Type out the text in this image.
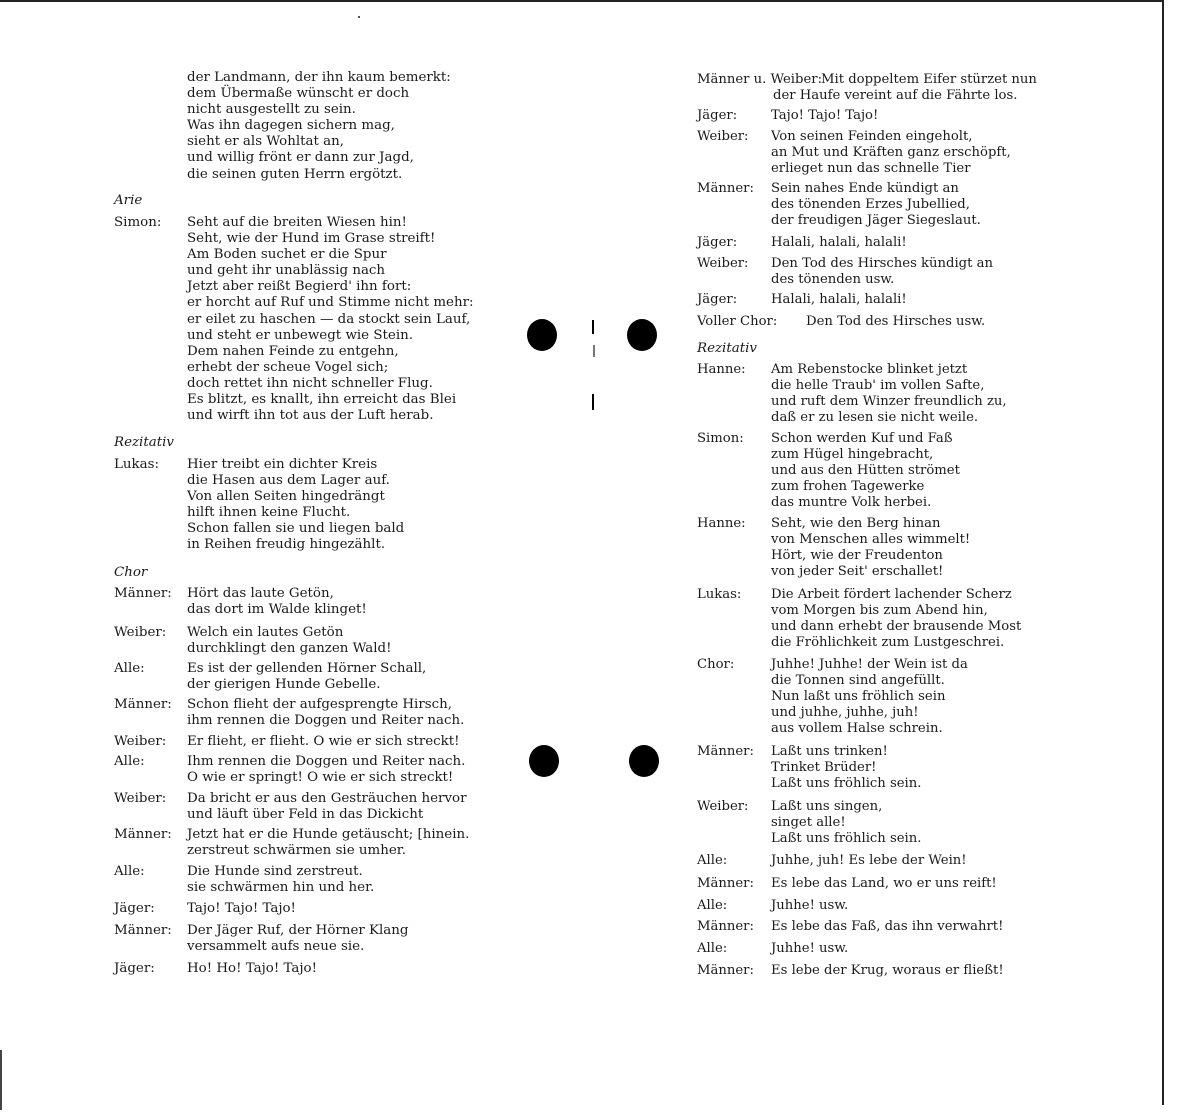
der Landmann, der ihn kaum bemerkt:
dem Übermaße wünscht er doch
nicht ausgestellt zu sein.
Was ihn dagegen sichern mag,
sieht er als Wohltat an,
und willig frönt er dann zur Jagd,
die seinen guten Herrn ergötzt.
Arie
Simon: Seht auf die breiten Wiesen hin!
Seht, wie der Hund im Grase streift!
Am Boden suchet er die Spur
und geht ihr unablässig nach
Jetzt aber reißt Begierd' ihn fort:
er horcht auf Ruf und Stimme nicht mehr:
er eilet zu haschen — da stockt sein Lauf,
und steht er unbewegt wie Stein.
Dem nahen Feinde zu entgehn,
erhebt der scheue Vogel sich;
doch rettet ihn nicht schneller Flug.
Es blitzt, es knallt, ihn erreicht das Blei
und wirft ihn tot aus der Luft herab.
Rezitativ
Lukas: Hier treibt ein dichter Kreis
die Hasen aus dem Lager auf.
Von allen Seiten hingedrängt
hilft ihnen keine Flucht.
Schon fallen sie und liegen bald
in Reihen freudig hingezählt.
Chor
Männer: Hört das laute Getön,
das dort im Walde klinget!
Weiber: Welch ein lautes Getön
durchklingt den ganzen Wald!
Alle:	Es ist der gellenden Hörner Schall,
der gierigen Hunde Gebelle.
Männer: Schon flieht der aufgesprengte Hirsch,
ihm rennen die Doggen und Reiter nach.
Weiber: Er flieht, er flieht. O wie er sich streckt!
Alle:	Ihm rennen die Doggen und Reiter nach.
O wie er springt! O wie er sich streckt!
Weiber: Da bricht er aus den Gesträuchen hervor
und läuft über Feld in das Dickicht
Männer: Jetzt hat er die Hunde getäuscht; [hinein.
zerstreut schwärmen sie umher.
Alle:	Die Hunde sind zerstreut.
sie schwärmen hin und her.
Jäger: Tajo! Tajo! Tajo!
Männer: Der Jäger Ruf, der Hörner Klang
versammelt aufs neue sie.
Jäger: Ho! Ho! Tajo! Tajo!
Männer u. Weiber:
Mit doppeltem Eifer stürzet nun
der Haufe vereint auf die Fährte los.
Jäger:	Tajo! Tajo! Tajo!
Weiber: Von seinen Feinden eingeholt,
an Mut und Kräften ganz erschöpft,
erlieget nun das schnelle Tier
Männer: Sein nahes Ende kündigt an
des tönenden Erzes Jubellied,
der freudigen Jäger Siegeslaut.
Jäger:	Halali, halali, halali!
Weiber: Den Tod des Hirsches kündigt an
des tönenden usw.
Jäger:	Halali, halali, halali!
Voller Chor: Den Tod des Hirsches usw.
Rezitativ
Hanne: Am Rebenstocke blinket jetzt
die helle Traub' im vollen Safte,
und ruft dem Winzer freundlich zu,
daß er zu lesen sie nicht weile.
Simon: Schon werden Kuf und Faß
zum Hügel hingebracht,
und aus den Hütten strömet
zum frohen Tagewerke
das muntre Volk herbei.
Hanne: Seht, wie den Berg hinan
von Menschen alles wimmelt!
Hört, wie der Freudenton
von jeder Seit' erschallet!
Lukas: Die Arbeit fördert lachender Scherz
vom Morgen bis zum Abend hin,
und dann erhebt der brausende Most
die Fröhlichkeit zum Lustgeschrei.
Chor:	Juhhe! Juhhe! der Wein ist da
die Tonnen sind angefüllt.
Nun laßt uns fröhlich sein
und juhhe, juhhe, juh!
aus vollem Halse schrein.
Männer: Laßt uns trinken!
Trinket Brüder!
Laßt uns fröhlich sein.
Weiber: Laßt uns singen,
singet alle!
Laßt uns fröhlich sein.
Alle:	Juhhe, juh! Es lebe der Wein!
Männer: Es lebe das Land, wo er uns reift!
Alle:	Juhhe! usw.
Männer: Es lebe das Faß, das ihn verwahrt!
Alle:	Juhhe! usw.
Männer: Es lebe der Krug, woraus er fließt!
